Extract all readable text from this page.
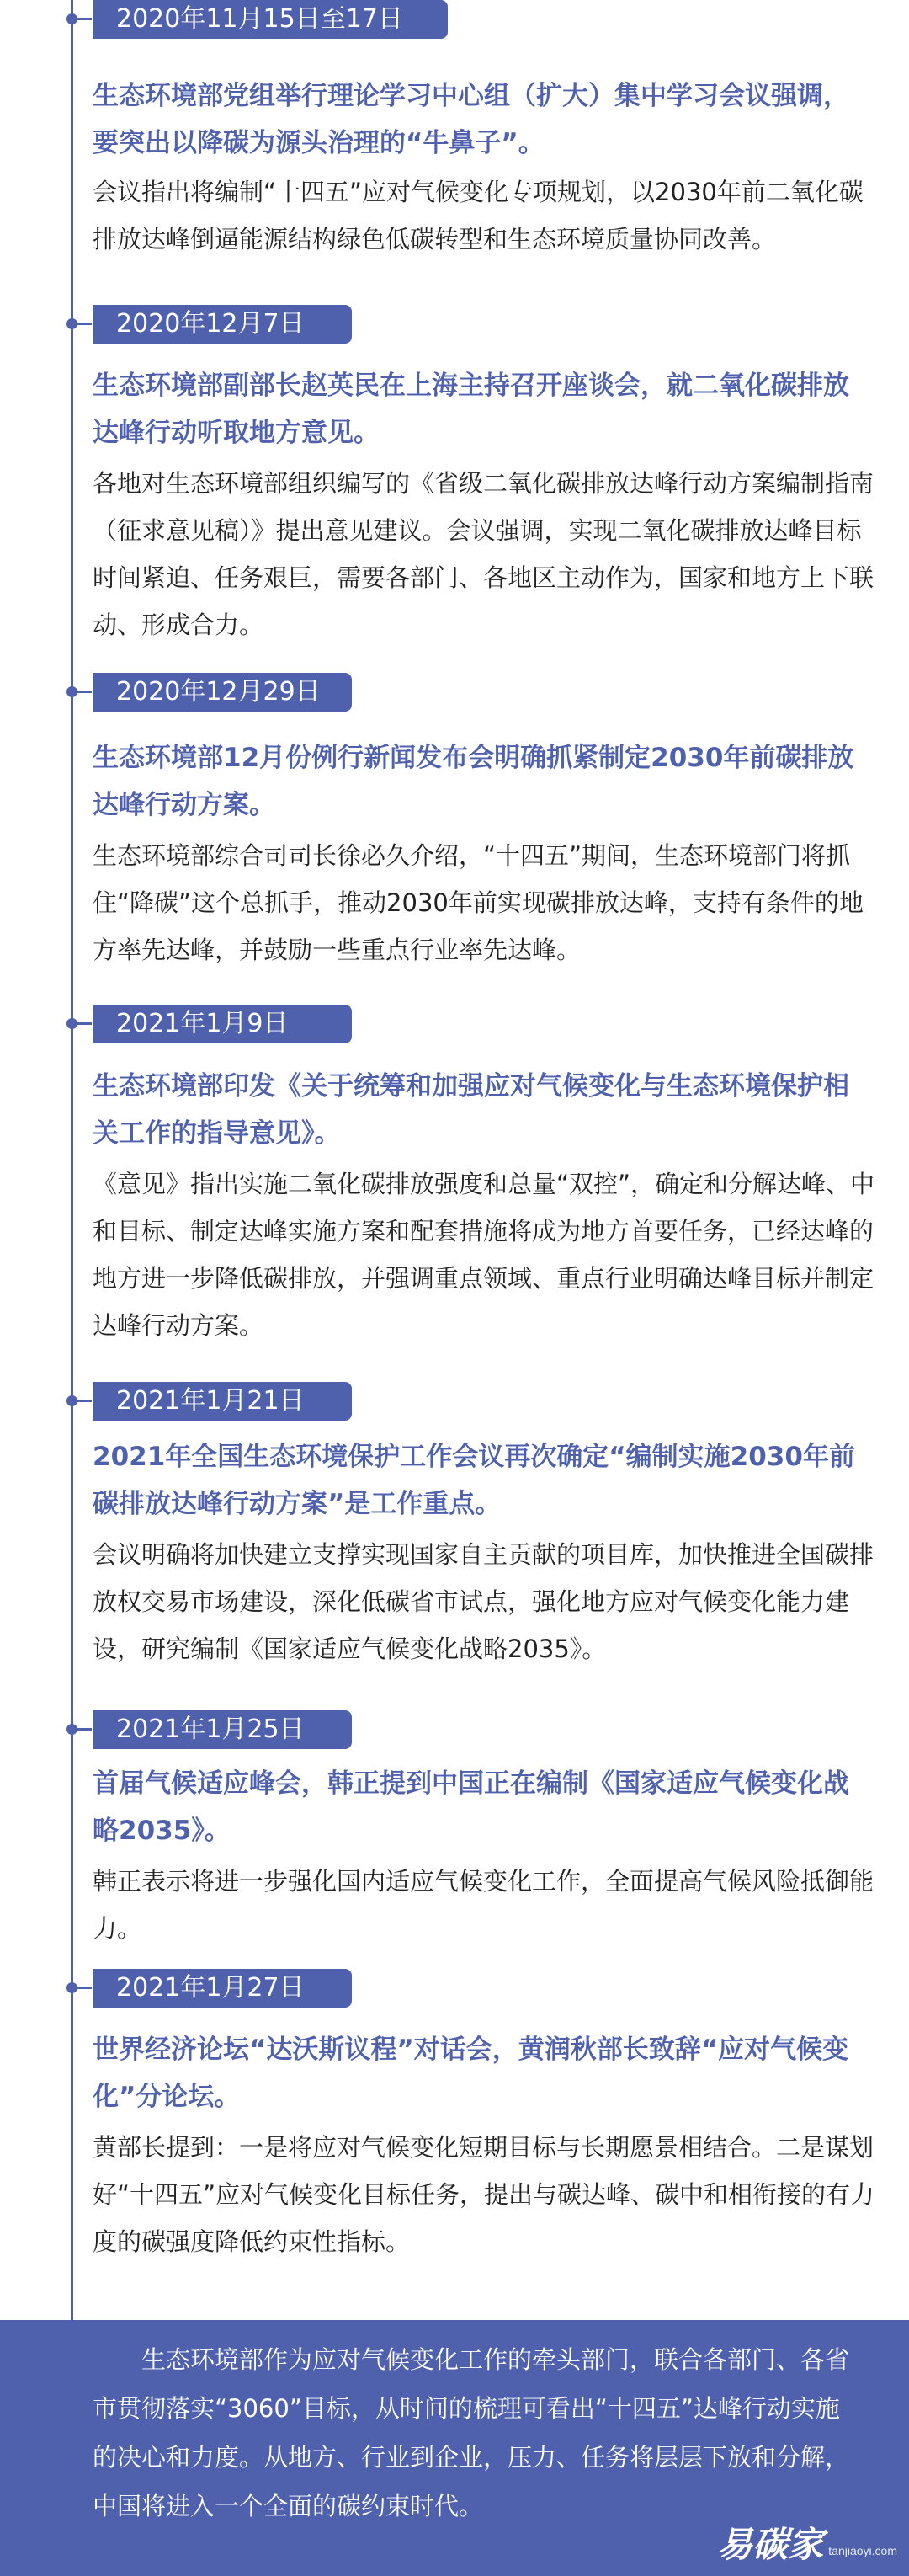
2020年11月15日至17日

生态环境部党组举行理论学习中心组（扩大）集中学习会议强调，要突出以降碳为源头治理的“牛鼻子”。

会议指出将编制“十四五”应对气候变化专项规划，以2030年前二氧化碳排放达峰倒逼能源结构绿色低碳转型和生态环境质量协同改善。

2020年12月7日

生态环境部副部长赵英民在上海主持召开座谈会，就二氧化碳排放达峰行动听取地方意见。

各地对生态环境部组织编写的《省级二氧化碳排放达峰行动方案编制指南（征求意见稿）》提出意见建议。会议强调，实现二氧化碳排放达峰目标时间紧迫、任务艰巨，需要各部门、各地区主动作为，国家和地方上下联动、形成合力。

2020年12月29日

生态环境部12月份例行新闻发布会明确抓紧制定2030年前碳排放达峰行动方案。

生态环境部综合司司长徐必久介绍，“十四五”期间，生态环境部门将抓住“降碳”这个总抓手，推动2030年前实现碳排放达峰，支持有条件的地方率先达峰，并鼓励一些重点行业率先达峰。

2021年1月9日

生态环境部印发《关于统筹和加强应对气候变化与生态环境保护相关工作的指导意见》。

《意见》指出实施二氧化碳排放强度和总量“双控”，确定和分解达峰、中和目标、制定达峰实施方案和配套措施将成为地方首要任务，已经达峰的地方进一步降低碳排放，并强调重点领域、重点行业明确达峰目标并制定达峰行动方案。

2021年1月21日

2021年全国生态环境保护工作会议再次确定“编制实施2030年前碳排放达峰行动方案”是工作重点。

会议明确将加快建立支撑实现国家自主贡献的项目库，加快推进全国碳排放权交易市场建设，深化低碳省市试点，强化地方应对气候变化能力建设，研究编制《国家适应气候变化战略2035》。

2021年1月25日

首届气候适应峰会，韩正提到中国正在编制《国家适应气候变化战略2035》。

韩正表示将进一步强化国内适应气候变化工作，全面提高气候风险抵御能力。

2021年1月27日

世界经济论坛“达沃斯议程”对话会，黄润秋部长致辞“应对气候变化”分论坛。

黄部长提到：一是将应对气候变化短期目标与长期愿景相结合。二是谋划好“十四五”应对气候变化目标任务，提出与碳达峰、碳中和相衔接的有力度的碳强度降低约束性指标。

生态环境部作为应对气候变化工作的牵头部门，联合各部门、各省市贯彻落实“3060”目标，从时间的梳理可看出“十四五”达峰行动实施的决心和力度。从地方、行业到企业，压力、任务将层层下放和分解，中国将进入一个全面的碳约束时代。

易碳家 tanjiaoyi.com
